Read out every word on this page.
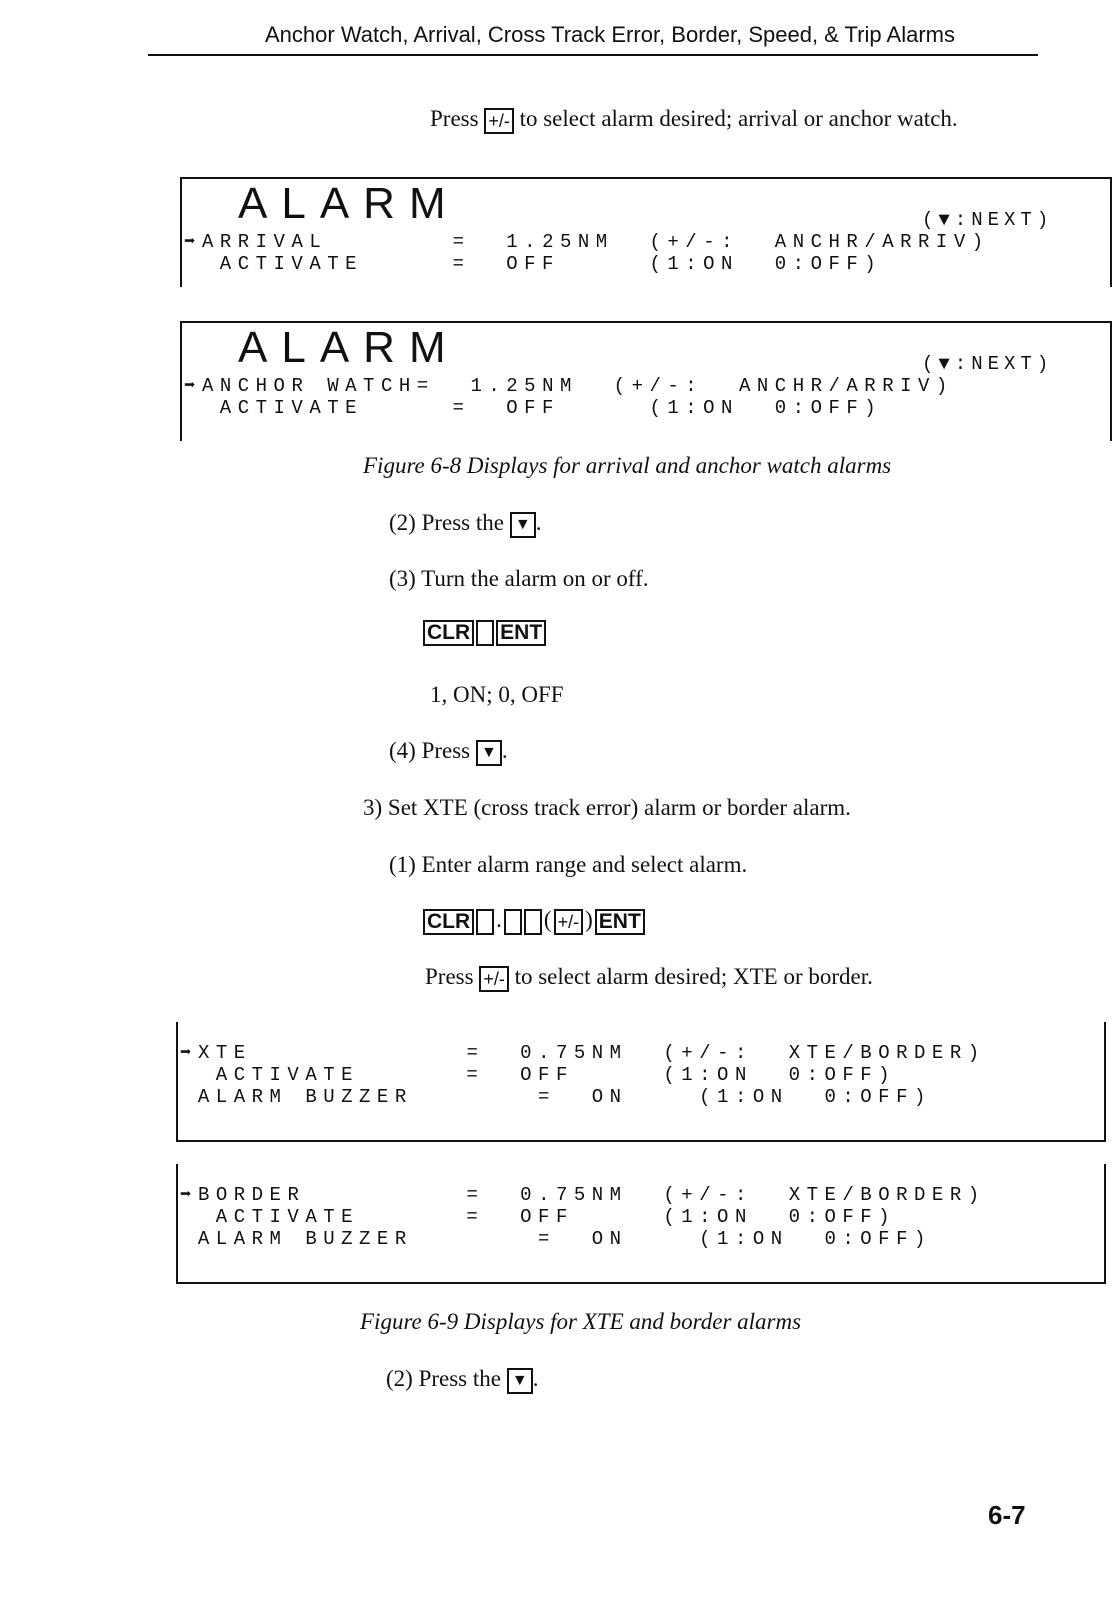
Anchor Watch, Arrival, Cross Track Error, Border, Speed, & Trip Alarms
Press +/- to select alarm desired; arrival or anchor watch.
ALARM	(▼:NEXT)
➡ARRIVAL       =  1.25NM  (+/-:  ANCHR/ARRIV)
ACTIVATE     =  OFF     (1:ON  0:OFF)
ALARM	(▼:NEXT)
➡ANCHOR WATCH=  1.25NM  (+/-:  ANCHR/ARRIV)
ACTIVATE     =  OFF     (1:ON  0:OFF)
Figure 6-8 Displays for arrival and anchor watch alarms
(2) Press the ▼ .
(3) Turn the alarm on or off.
CLR ENT
1, ON; 0, OFF
(4) Press ▼ .
3) Set XTE (cross track error) alarm or border alarm.
(1) Enter alarm range and select alarm.
CLR . ( +/- ) ENT
Press +/- to select alarm desired; XTE or border.
➡XTE            =  0.75NM  (+/-:  XTE/BORDER)
ACTIVATE      =  OFF     (1:ON  0:OFF)
ALARM BUZZER       =  ON    (1:ON  0:OFF)
➡BORDER         =  0.75NM  (+/-:  XTE/BORDER)
ACTIVATE      =  OFF     (1:ON  0:OFF)
ALARM BUZZER       =  ON    (1:ON  0:OFF)
Figure 6-9 Displays for XTE and border alarms
(2) Press the ▼ .
6-7
